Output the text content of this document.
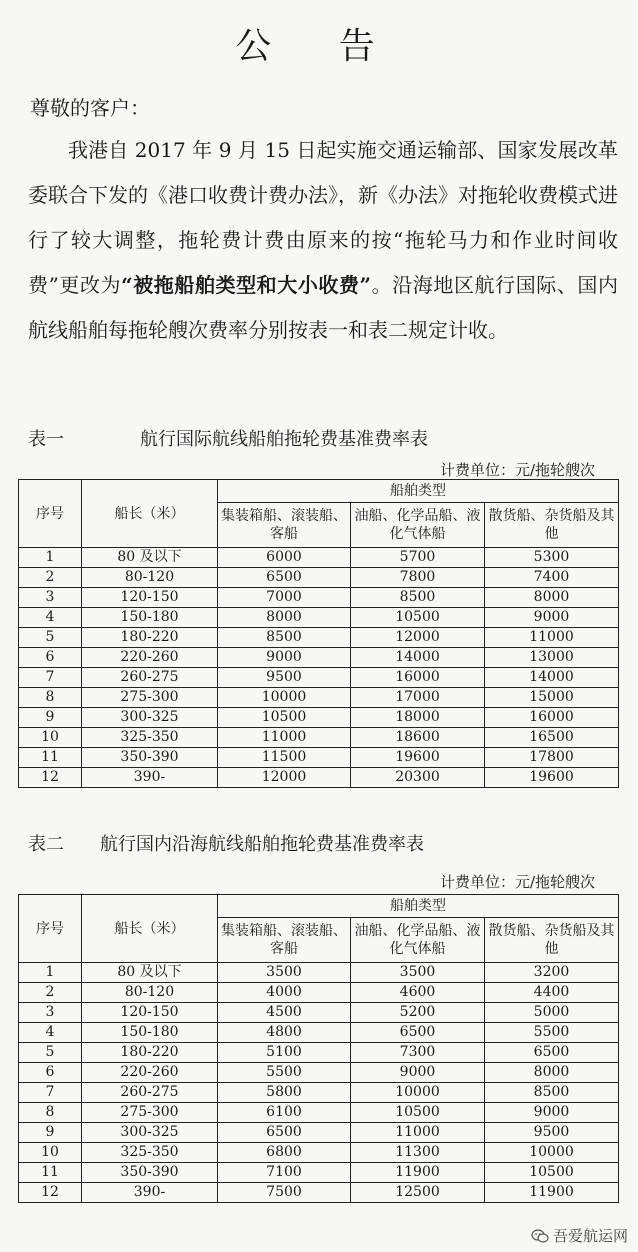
公 告
尊敬的客户：
我港自 2017 年 9 月 15 日起实施交通运输部、国家发展改革委联合下发的《港口收费计费办法》，新《办法》对拖轮收费模式进行了较大调整，拖轮费计费由原来的按“拖轮马力和作业时间收费”更改为“被拖船舶类型和大小收费”。沿海地区航行国际、国内航线船舶每拖轮艘次费率分别按表一和表二规定计收。
表一	航行国际航线船舶拖轮费基准费率表
计费单位：元/拖轮艘次
序号	船长（米）	船舶类型		
		集装箱船、滚装船、客船	油船、化学品船、液化气体船	散货船、杂货船及其他
1	80 及以下	6000	5700	5300
2	80-120	6500	7800	7400
3	120-150	7000	8500	8000
4	150-180	8000	10500	9000
5	180-220	8500	12000	11000
6	220-260	9000	14000	13000
7	260-275	9500	16000	14000
8	275-300	10000	17000	15000
9	300-325	10500	18000	16000
10	325-350	11000	18600	16500
11	350-390	11500	19600	17800
12	390-	12000	20300	19600
表二 航行国内沿海航线船舶拖轮费基准费率表
计费单位：元/拖轮艘次
序号	船长（米）	船舶类型		
		集装箱船、滚装船、客船	油船、化学品船、液化气体船	散货船、杂货船及其他
1	80 及以下	3500	3500	3200
2	80-120	4000	4600	4400
3	120-150	4500	5200	5000
4	150-180	4800	6500	5500
5	180-220	5100	7300	6500
6	220-260	5500	9000	8000
7	260-275	5800	10000	8500
8	275-300	6100	10500	9000
9	300-325	6500	11000	9500
10	325-350	6800	11300	10000
11	350-390	7100	11900	10500
12	390-	7500	12500	11900
吾爱航运网
